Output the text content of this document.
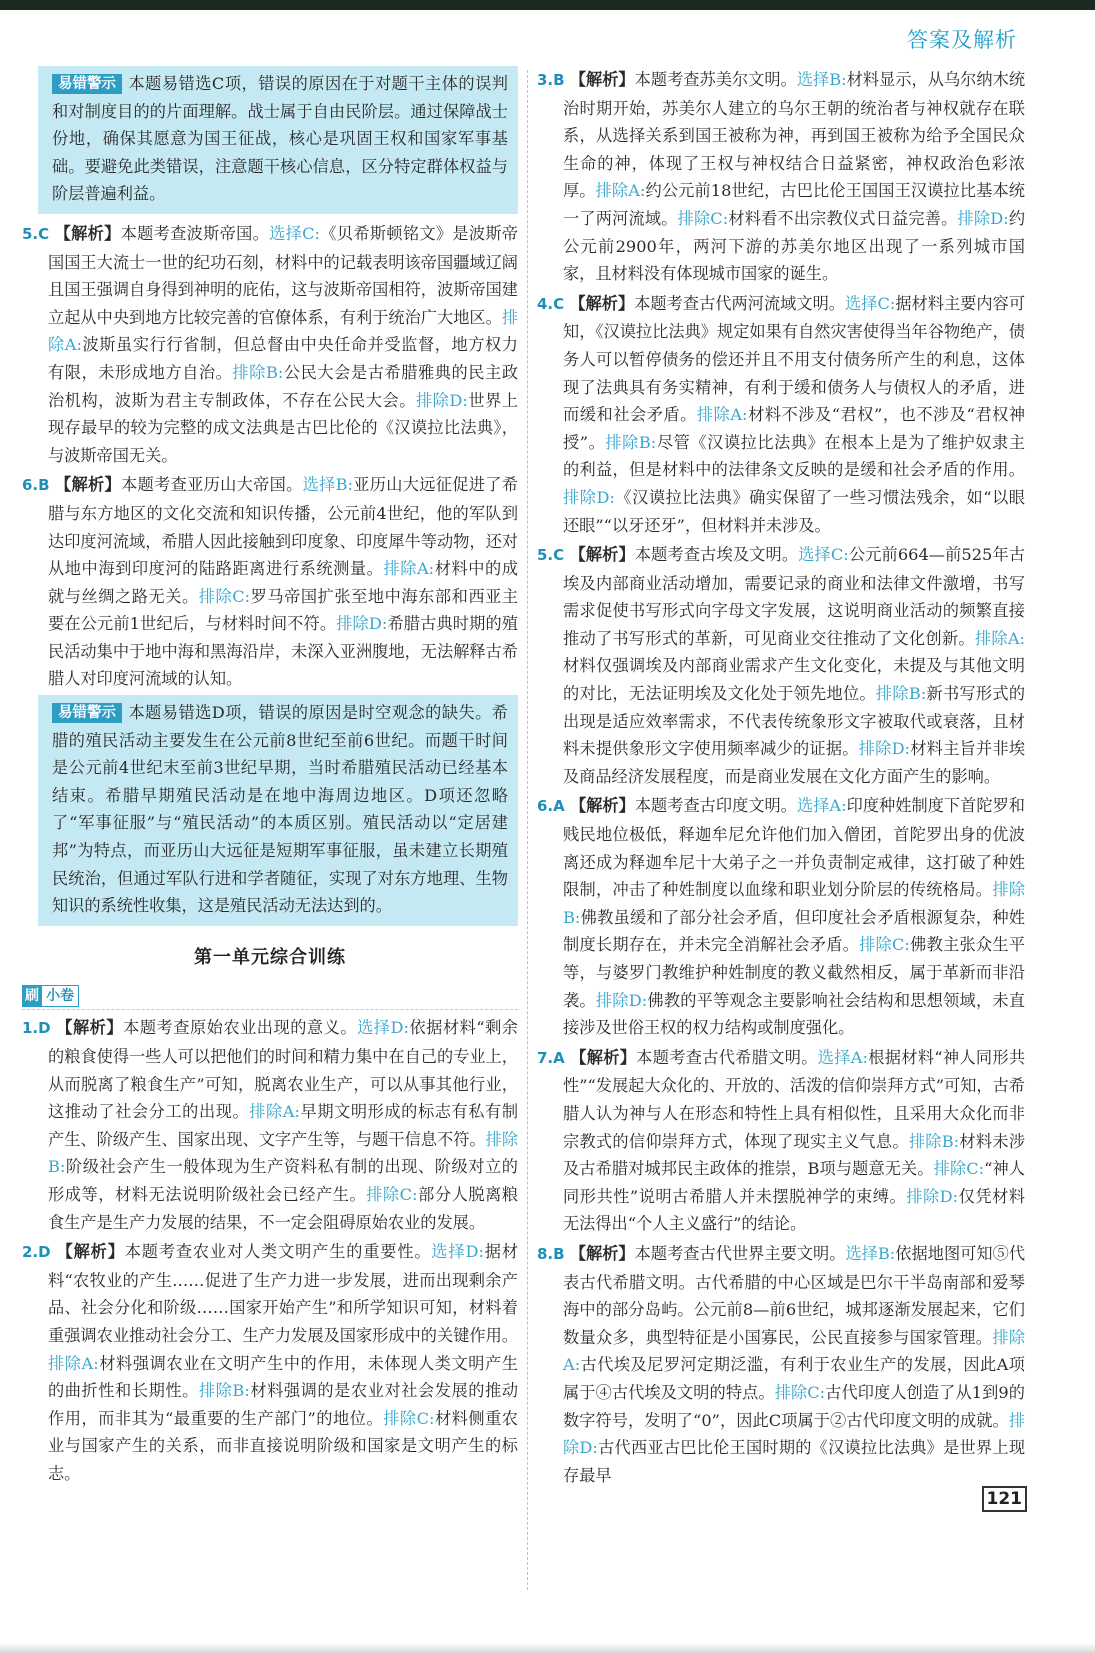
答案及解析
易错警示 本题易错选C项，错误的原因在于对题干主体的误判和对制度目的的片面理解。战士属于自由民阶层。通过保障战士份地，确保其愿意为国王征战，核心是巩固王权和国家军事基础。要避免此类错误，注意题干核心信息，区分特定群体权益与阶层普遍利益。
5.C 【解析】本题考查波斯帝国。选择C:《贝希斯顿铭文》是波斯帝国国王大流士一世的纪功石刻，材料中的记载表明该帝国疆域辽阔且国王强调自身得到神明的庇佑，这与波斯帝国相符，波斯帝国建立起从中央到地方比较完善的官僚体系，有利于统治广大地区。排除A:波斯虽实行行省制，但总督由中央任命并受监督，地方权力有限，未形成地方自治。排除B:公民大会是古希腊雅典的民主政治机构，波斯为君主专制政体，不存在公民大会。排除D:世界上现存最早的较为完整的成文法典是古巴比伦的《汉谟拉比法典》，与波斯帝国无关。
6.B 【解析】本题考查亚历山大帝国。选择B:亚历山大远征促进了希腊与东方地区的文化交流和知识传播，公元前4世纪，他的军队到达印度河流域，希腊人因此接触到印度象、印度犀牛等动物，还对从地中海到印度河的陆路距离进行系统测量。排除A:材料中的成就与丝绸之路无关。排除C:罗马帝国扩张至地中海东部和西亚主要在公元前1世纪后，与材料时间不符。排除D:希腊古典时期的殖民活动集中于地中海和黑海沿岸，未深入亚洲腹地，无法解释古希腊人对印度河流域的认知。
易错警示 本题易错选D项，错误的原因是时空观念的缺失。希腊的殖民活动主要发生在公元前8世纪至前6世纪。而题干时间是公元前4世纪末至前3世纪早期，当时希腊殖民活动已经基本结束。希腊早期殖民活动是在地中海周边地区。D项还忽略了“军事征服”与“殖民活动”的本质区别。殖民活动以“定居建邦”为特点，而亚历山大远征是短期军事征服，虽未建立长期殖民统治，但通过军队行进和学者随征，实现了对东方地理、生物知识的系统性收集，这是殖民活动无法达到的。
第一单元综合训练
刷 小卷
1.D 【解析】本题考查原始农业出现的意义。选择D:依据材料“剩余的粮食使得一些人可以把他们的时间和精力集中在自己的专业上，从而脱离了粮食生产”可知，脱离农业生产，可以从事其他行业，这推动了社会分工的出现。排除A:早期文明形成的标志有私有制产生、阶级产生、国家出现、文字产生等，与题干信息不符。排除B:阶级社会产生一般体现为生产资料私有制的出现、阶级对立的形成等，材料无法说明阶级社会已经产生。排除C:部分人脱离粮食生产是生产力发展的结果，不一定会阻碍原始农业的发展。
2.D 【解析】本题考查农业对人类文明产生的重要性。选择D:据材料“农牧业的产生……促进了生产力进一步发展，进而出现剩余产品、社会分化和阶级……国家开始产生”和所学知识可知，材料着重强调农业推动社会分工、生产力发展及国家形成中的关键作用。排除A:材料强调农业在文明产生中的作用，未体现人类文明产生的曲折性和长期性。排除B:材料强调的是农业对社会发展的推动作用，而非其为“最重要的生产部门”的地位。排除C:材料侧重农业与国家产生的关系，而非直接说明阶级和国家是文明产生的标志。
3.B 【解析】本题考查苏美尔文明。选择B:材料显示，从乌尔纳木统治时期开始，苏美尔人建立的乌尔王朝的统治者与神权就存在联系，从选择关系到国王被称为神，再到国王被称为给予全国民众生命的神，体现了王权与神权结合日益紧密，神权政治色彩浓厚。排除A:约公元前18世纪，古巴比伦王国国王汉谟拉比基本统一了两河流域。排除C:材料看不出宗教仪式日益完善。排除D:约公元前2900年，两河下游的苏美尔地区出现了一系列城市国家，且材料没有体现城市国家的诞生。
4.C 【解析】本题考查古代两河流域文明。选择C:据材料主要内容可知，《汉谟拉比法典》规定如果有自然灾害使得当年谷物绝产，债务人可以暂停债务的偿还并且不用支付债务所产生的利息，这体现了法典具有务实精神，有利于缓和债务人与债权人的矛盾，进而缓和社会矛盾。排除A:材料不涉及“君权”，也不涉及“君权神授”。排除B:尽管《汉谟拉比法典》在根本上是为了维护奴隶主的利益，但是材料中的法律条文反映的是缓和社会矛盾的作用。排除D:《汉谟拉比法典》确实保留了一些习惯法残余，如“以眼还眼”“以牙还牙”，但材料并未涉及。
5.C 【解析】本题考查古埃及文明。选择C:公元前664—前525年古埃及内部商业活动增加，需要记录的商业和法律文件激增，书写需求促使书写形式向字母文字发展，这说明商业活动的频繁直接推动了书写形式的革新，可见商业交往推动了文化创新。排除A:材料仅强调埃及内部商业需求产生文化变化，未提及与其他文明的对比，无法证明埃及文化处于领先地位。排除B:新书写形式的出现是适应效率需求，不代表传统象形文字被取代或衰落，且材料未提供象形文字使用频率减少的证据。排除D:材料主旨并非埃及商品经济发展程度，而是商业发展在文化方面产生的影响。
6.A 【解析】本题考查古印度文明。选择A:印度种姓制度下首陀罗和贱民地位极低，释迦牟尼允许他们加入僧团，首陀罗出身的优波离还成为释迦牟尼十大弟子之一并负责制定戒律，这打破了种姓限制，冲击了种姓制度以血缘和职业划分阶层的传统格局。排除B:佛教虽缓和了部分社会矛盾，但印度社会矛盾根源复杂，种姓制度长期存在，并未完全消解社会矛盾。排除C:佛教主张众生平等，与婆罗门教维护种姓制度的教义截然相反，属于革新而非沿袭。排除D:佛教的平等观念主要影响社会结构和思想领域，未直接涉及世俗王权的权力结构或制度强化。
7.A 【解析】本题考查古代希腊文明。选择A:根据材料“神人同形共性”“发展起大众化的、开放的、活泼的信仰崇拜方式”可知，古希腊人认为神与人在形态和特性上具有相似性，且采用大众化而非宗教式的信仰崇拜方式，体现了现实主义气息。排除B:材料未涉及古希腊对城邦民主政体的推崇，B项与题意无关。排除C:“神人同形共性”说明古希腊人并未摆脱神学的束缚。排除D:仅凭材料无法得出“个人主义盛行”的结论。
8.B 【解析】本题考查古代世界主要文明。选择B:依据地图可知⑤代表古代希腊文明。古代希腊的中心区域是巴尔干半岛南部和爱琴海中的部分岛屿。公元前8—前6世纪，城邦逐渐发展起来，它们数量众多，典型特征是小国寡民，公民直接参与国家管理。排除A:古代埃及尼罗河定期泛滥，有利于农业生产的发展，因此A项属于④古代埃及文明的特点。排除C:古代印度人创造了从1到9的数字符号，发明了“0”，因此C项属于②古代印度文明的成就。排除D:古代西亚古巴比伦王国时期的《汉谟拉比法典》是世界上现存最早
121
